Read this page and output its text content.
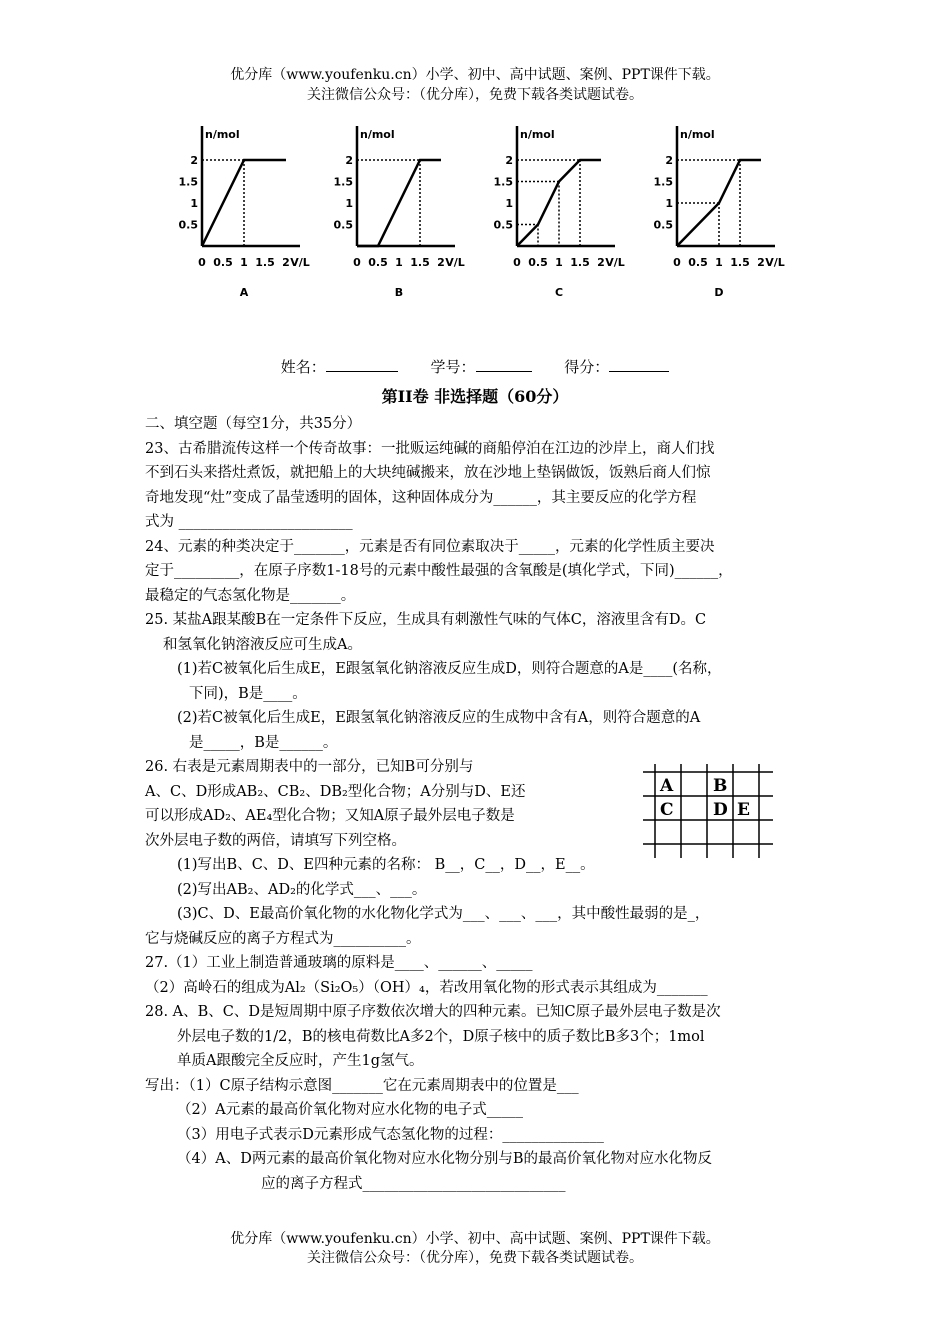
优分库（www.youfenku.cn）小学、初中、高中试题、案例、PPT课件下载。
关注微信公众号：（优分库），免费下载各类试题试卷。
n/mol
0.5
1
1.5
2
0 0.5 1 1.5 2 V/L
A
n/mol
0.5
1
1.5
2
0 0.5 1 1.5 2 V/L
B
n/mol
0.5
1
1.5
2
0 0.5 1 1.5 2 V/L
C
n/mol
0.5
1
1.5
2
0 0.5 1 1.5 2 V/L
D
姓名：	学号：	得分：
第II卷 非选择题（60分）

二、填空题（每空1分，共35分）

23、古希腊流传这样一个传奇故事：一批贩运纯碱的商船停泊在江边的沙岸上，商人们找

不到石头来搭灶煮饭，就把船上的大块纯碱搬来，放在沙地上垫锅做饭，饭熟后商人们惊

奇地发现“灶”变成了晶莹透明的固体，这种固体成分为______，其主要反应的化学方程

式为 ________________________

24、元素的种类决定于_______，元素是否有同位素取决于_____，元素的化学性质主要决

定于_________，在原子序数1-18号的元素中酸性最强的含氧酸是(填化学式，下同)______，

最稳定的气态氢化物是_______。

25. 某盐A跟某酸B在一定条件下反应，生成具有刺激性气味的气体C，溶液里含有D。C

和氢氧化钠溶液反应可生成A。

(1)若C被氧化后生成E，E跟氢氧化钠溶液反应生成D，则符合题意的A是____(名称，

下同)，B是____。

(2)若C被氧化后生成E，E跟氢氧化钠溶液反应的生成物中含有A，则符合题意的A

是_____，B是______。

26. 右表是元素周期表中的一部分，已知B可分别与

A、C、D形成AB₂、CB₂、DB₂型化合物；A分别与D、E还

可以形成AD₂、AE₄型化合物；又知A原子最外层电子数是

次外层电子数的两倍，请填写下列空格。

(1)写出B、C、D、E四种元素的名称： B__，C__，D__，E__。

(2)写出AB₂、AD₂的化学式___、___。

(3)C、D、E最高价氧化物的水化物化学式为___、___、___，其中酸性最弱的是_，

它与烧碱反应的离子方程式为__________。

27.（1）工业上制造普通玻璃的原料是____、______、_____

（2）高岭石的组成为Al₂（Si₂O₅）（OH）₄，若改用氧化物的形式表示其组成为_______

28. A、B、C、D是短周期中原子序数依次增大的四种元素。已知C原子最外层电子数是次

外层电子数的1/2，B的核电荷数比A多2个，D原子核中的质子数比B多3个；1mol

单质A跟酸完全反应时，产生1g氢气。

写出：（1）C原子结构示意图_______它在元素周期表中的位置是___

（2）A元素的最高价氧化物对应水化物的电子式_____

（3）用电子式表示D元素形成气态氢化物的过程：______________

（4）A、D两元素的最高价氧化物对应水化物分别与B的最高价氧化物对应水化物反

应的离子方程式____________________________

A B
C D E
优分库（www.youfenku.cn）小学、初中、高中试题、案例、PPT课件下载。
关注微信公众号：（优分库），免费下载各类试题试卷。
